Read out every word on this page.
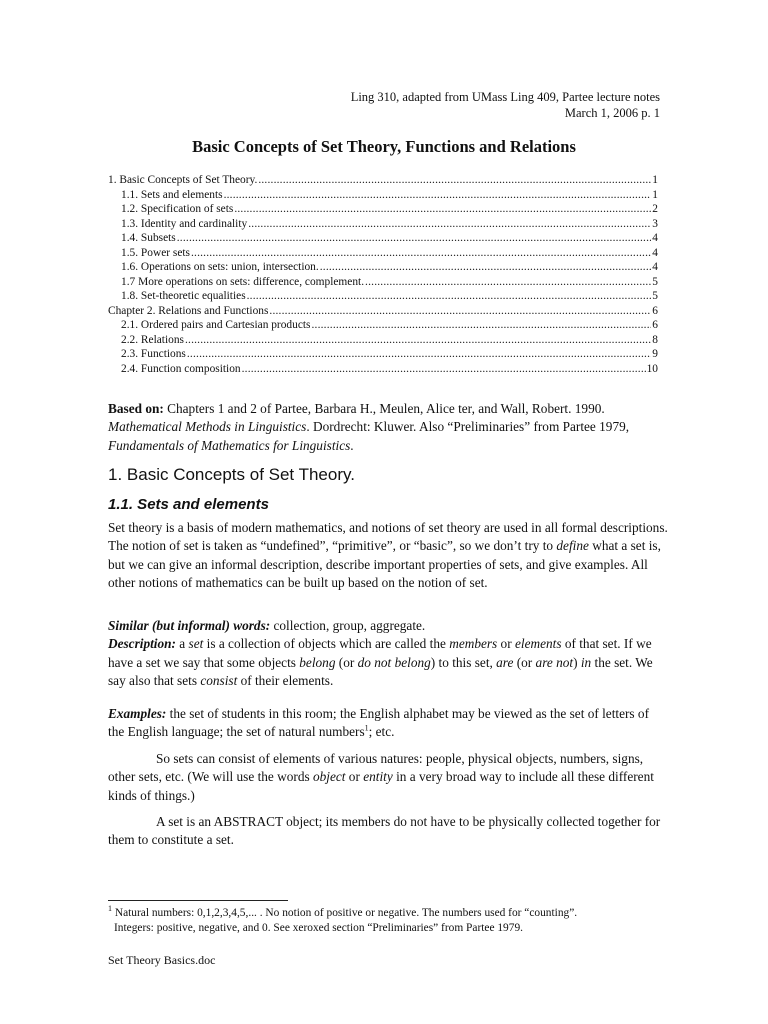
Ling 310, adapted from UMass Ling 409, Partee lecture notes
March 1, 2006 p. 1
Basic Concepts of Set Theory, Functions and Relations
1. Basic Concepts of Set Theory. .....	1
1.1. Sets and elements .....	1
1.2. Specification of sets .....	2
1.3. Identity and cardinality .....	3
1.4. Subsets .....	4
1.5. Power sets .....	4
1.6. Operations on sets: union, intersection. .....	4
1.7 More operations on sets: difference, complement. .....	5
1.8. Set-theoretic equalities .....	5
Chapter 2. Relations and Functions .....	6
2.1. Ordered pairs and Cartesian products .....	6
2.2. Relations .....	8
2.3. Functions .....	9
2.4. Function composition .....	10
Based on: Chapters 1 and 2 of Partee, Barbara H., Meulen, Alice ter, and Wall, Robert. 1990. Mathematical Methods in Linguistics. Dordrecht: Kluwer. Also “Preliminaries” from Partee 1979, Fundamentals of Mathematics for Linguistics.
1. Basic Concepts of Set Theory.
1.1. Sets and elements
Set theory is a basis of modern mathematics, and notions of set theory are used in all formal descriptions. The notion of set is taken as “undefined”, “primitive”, or “basic”, so we don’t try to define what a set is, but we can give an informal description, describe important properties of sets, and give examples. All other notions of mathematics can be built up based on the notion of set.
Similar (but informal) words: collection, group, aggregate.
Description: a set is a collection of objects which are called the members or elements of that set. If we have a set we say that some objects belong (or do not belong) to this set, are (or are not) in the set. We say also that sets consist of their elements.
Examples: the set of students in this room; the English alphabet may be viewed as the set of letters of the English language; the set of natural numbers$^1$; etc.
So sets can consist of elements of various natures: people, physical objects, numbers, signs, other sets, etc. (We will use the words object or entity in a very broad way to include all these different kinds of things.)
A set is an ABSTRACT object; its members do not have to be physically collected together for them to constitute a set.
$^1$ Natural numbers: 0,1,2,3,4,5,... . No notion of positive or negative. The numbers used for “counting”.
Integers: positive, negative, and 0. See xeroxed section “Preliminaries” from Partee 1979.
Set Theory Basics.doc
